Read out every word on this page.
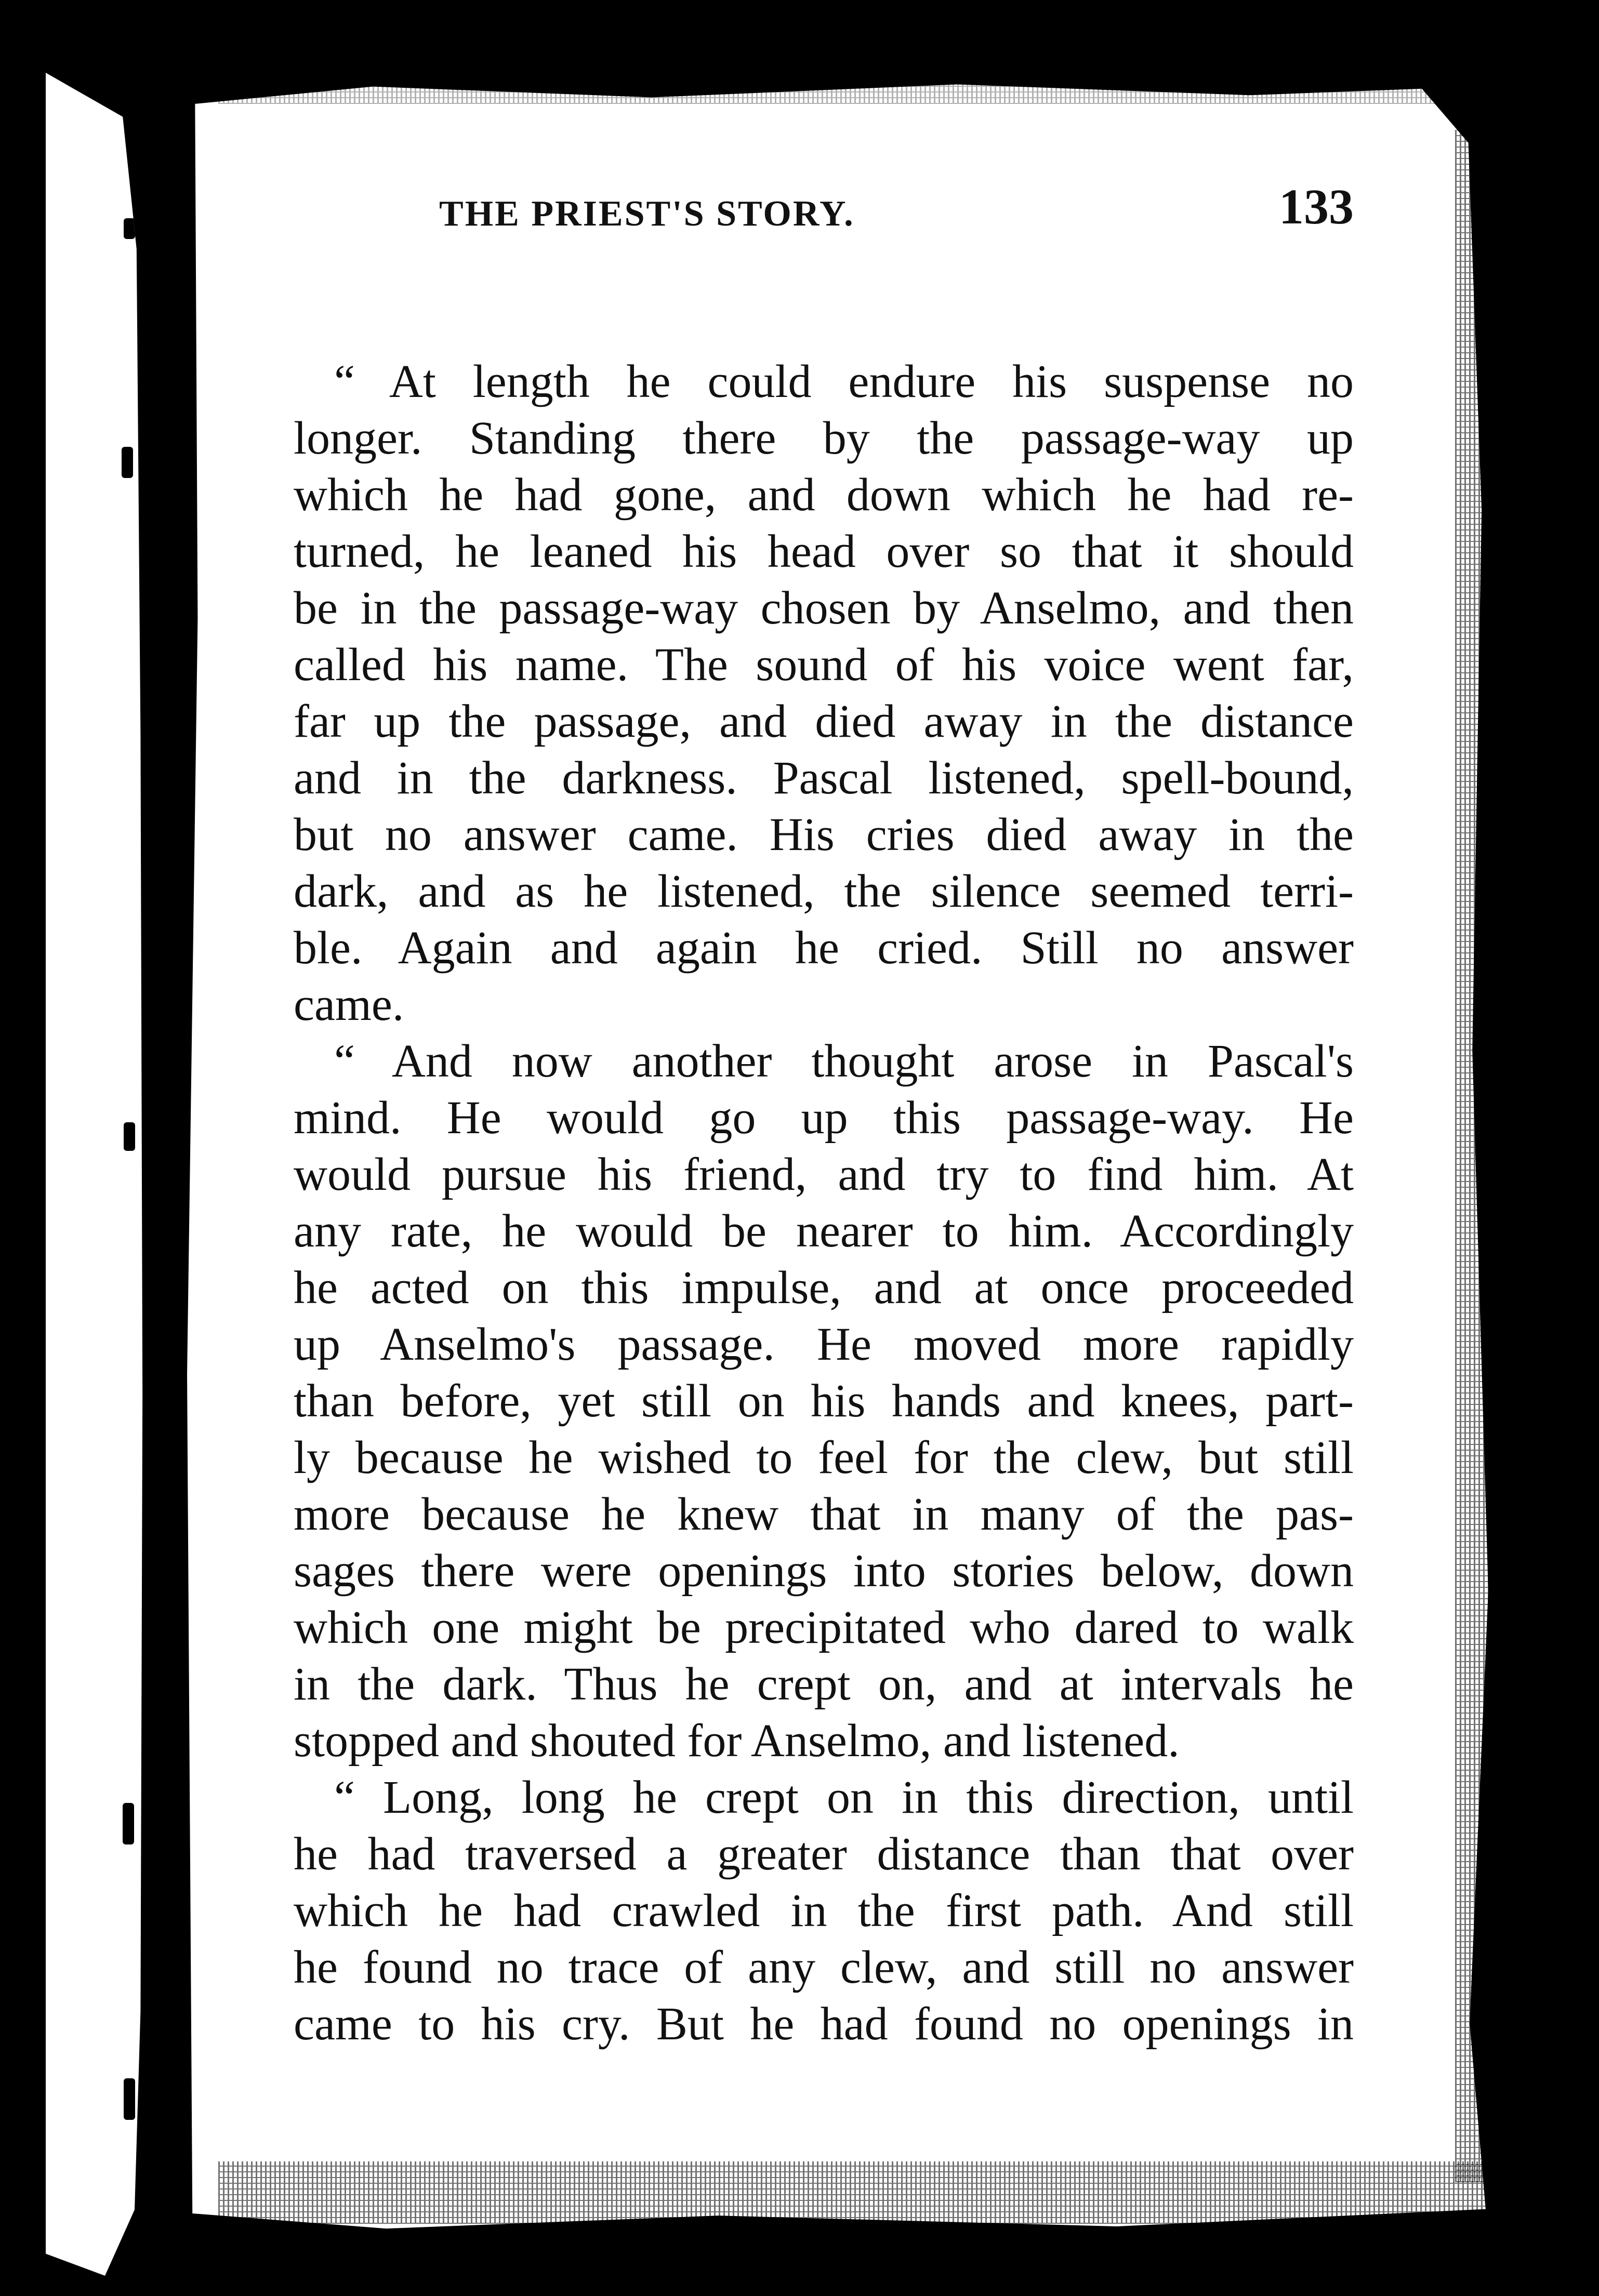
THE PRIEST'S STORY.	133
“ At length he could endure his suspense no
longer. Standing there by the passage-way up
which he had gone, and down which he had re-
turned, he leaned his head over so that it should
be in the passage-way chosen by Anselmo, and then
called his name. The sound of his voice went far,
far up the passage, and died away in the distance
and in the darkness. Pascal listened, spell-bound,
but no answer came. His cries died away in the
dark, and as he listened, the silence seemed terri-
ble. Again and again he cried. Still no answer
came.
“ And now another thought arose in Pascal's
mind. He would go up this passage-way. He
would pursue his friend, and try to find him. At
any rate, he would be nearer to him. Accordingly
he acted on this impulse, and at once proceeded
up Anselmo's passage. He moved more rapidly
than before, yet still on his hands and knees, part-
ly because he wished to feel for the clew, but still
more because he knew that in many of the pas-
sages there were openings into stories below, down
which one might be precipitated who dared to walk
in the dark. Thus he crept on, and at intervals he
stopped and shouted for Anselmo, and listened.
“ Long, long he crept on in this direction, until
he had traversed a greater distance than that over
which he had crawled in the first path. And still
he found no trace of any clew, and still no answer
came to his cry. But he had found no openings in
